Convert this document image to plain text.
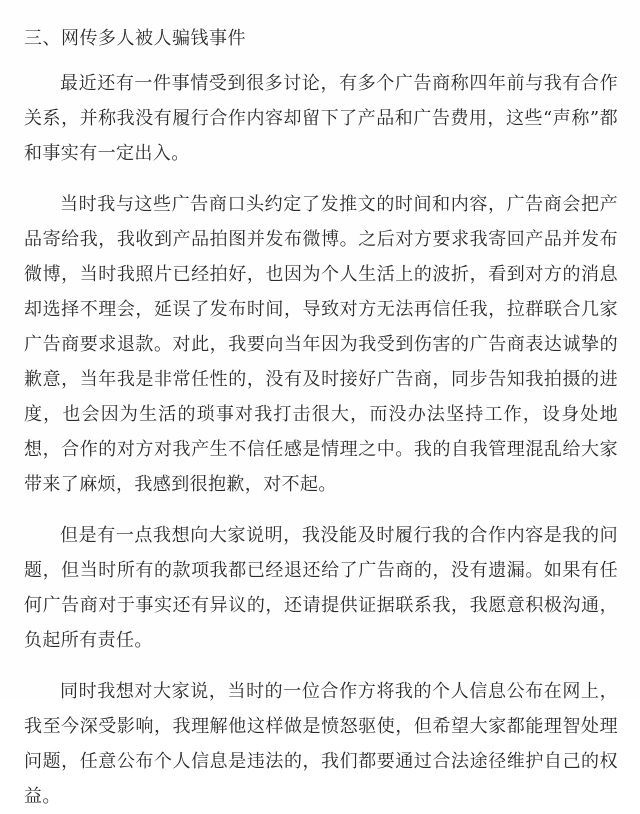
三、网传多人被人骗钱事件

最近还有一件事情受到很多讨论，有多个广告商称四年前与我有合作关系，并称我没有履行合作内容却留下了产品和广告费用，这些“声称”都和事实有一定出入。

当时我与这些广告商口头约定了发推文的时间和内容，广告商会把产品寄给我，我收到产品拍图并发布微博。之后对方要求我寄回产品并发布微博，当时我照片已经拍好，也因为个人生活上的波折，看到对方的消息却选择不理会，延误了发布时间，导致对方无法再信任我，拉群联合几家广告商要求退款。对此，我要向当年因为我受到伤害的广告商表达诚挚的歉意，当年我是非常任性的，没有及时接好广告商，同步告知我拍摄的进度，也会因为生活的琐事对我打击很大，而没办法坚持工作，设身处地想，合作的对方对我产生不信任感是情理之中。我的自我管理混乱给大家带来了麻烦，我感到很抱歉，对不起。

但是有一点我想向大家说明，我没能及时履行我的合作内容是我的问题，但当时所有的款项我都已经退还给了广告商的，没有遗漏。如果有任何广告商对于事实还有异议的，还请提供证据联系我，我愿意积极沟通，负起所有责任。

同时我想对大家说，当时的一位合作方将我的个人信息公布在网上，我至今深受影响，我理解他这样做是愤怒驱使，但希望大家都能理智处理问题，任意公布个人信息是违法的，我们都要通过合法途径维护自己的权益。
